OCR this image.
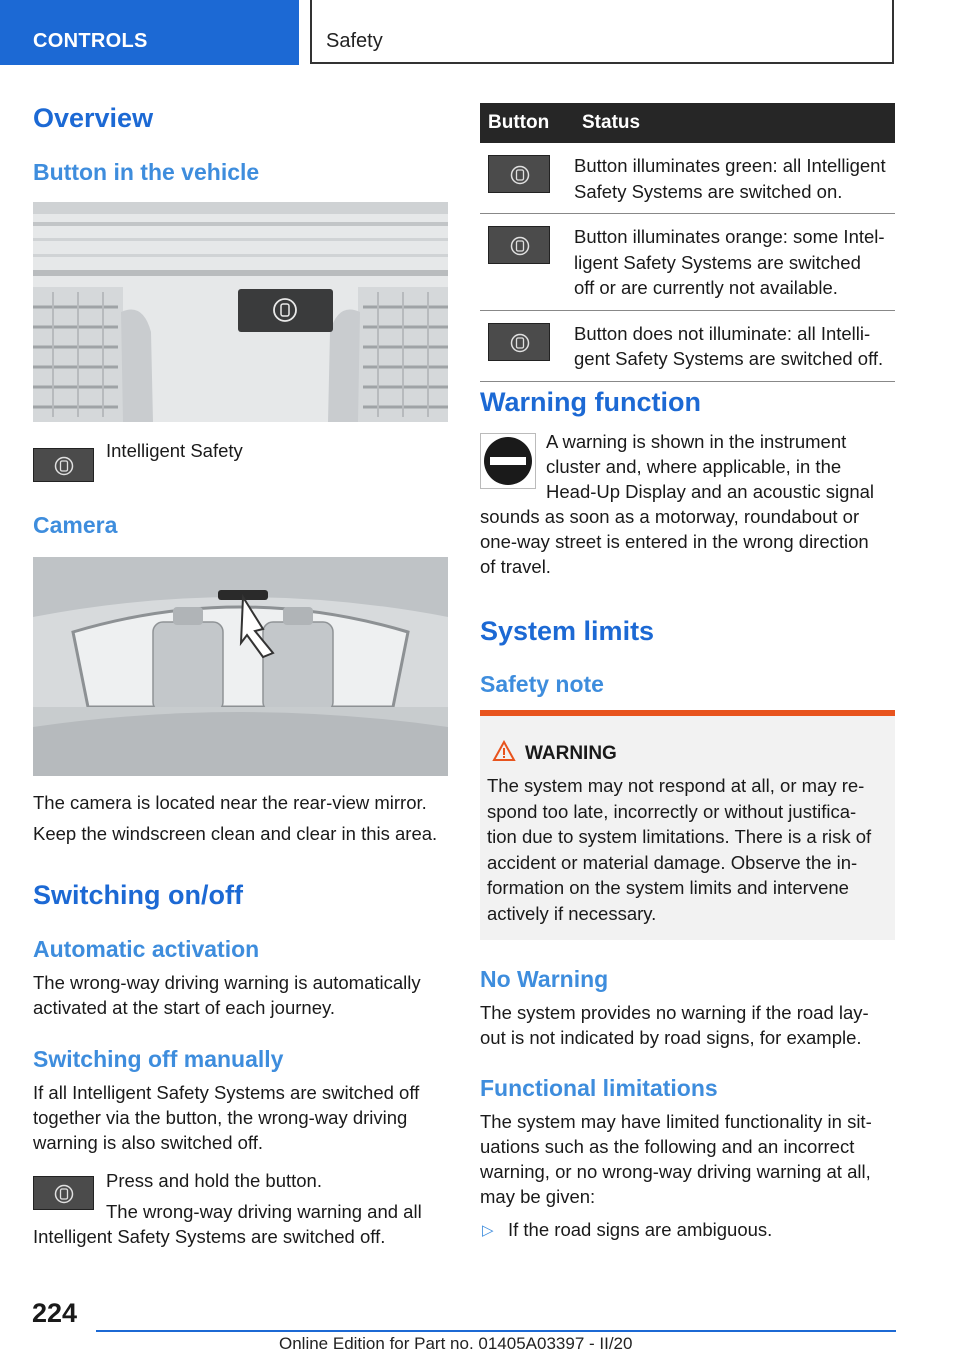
CONTROLS	Safety
Overview
Button in the vehicle

Intelligent Safety

Camera

The camera is located near the rear-view mirror.

Keep the windscreen clean and clear in this area.

Switching on/off
Automatic activation

The wrong-way driving warning is automatically

activated at the start of each journey.

Switching off manually

If all Intelligent Safety Systems are switched off

together via the button, the wrong-way driving

warning is also switched off.

Press and hold the button.

The wrong-way driving warning and all

Intelligent Safety Systems are switched off.

Button	Status

Button illuminates green: all Intelligent
Safety Systems are switched on.

Button illuminates orange: some Intel-
ligent Safety Systems are switched
off or are currently not available.

Button does not illuminate: all Intelli-
gent Safety Systems are switched off.
Warning function

A warning is shown in the instrument

cluster and, where applicable, in the

Head-Up Display and an acoustic signal

sounds as soon as a motorway, roundabout or

one-way street is entered in the wrong direction

of travel.

System limits
Safety note
WARNING
The system may not respond at all, or may re-
spond too late, incorrectly or without justifica-
tion due to system limitations. There is a risk of
accident or material damage. Observe the in-
formation on the system limits and intervene
actively if necessary.
No Warning

The system provides no warning if the road lay-

out is not indicated by road signs, for example.

Functional limitations

The system may have limited functionality in sit-

uations such as the following and an incorrect

warning, or no wrong-way driving warning at all,

may be given:

▷ If the road signs are ambiguous.

224
Online Edition for Part no. 01405A03397 - II/20
